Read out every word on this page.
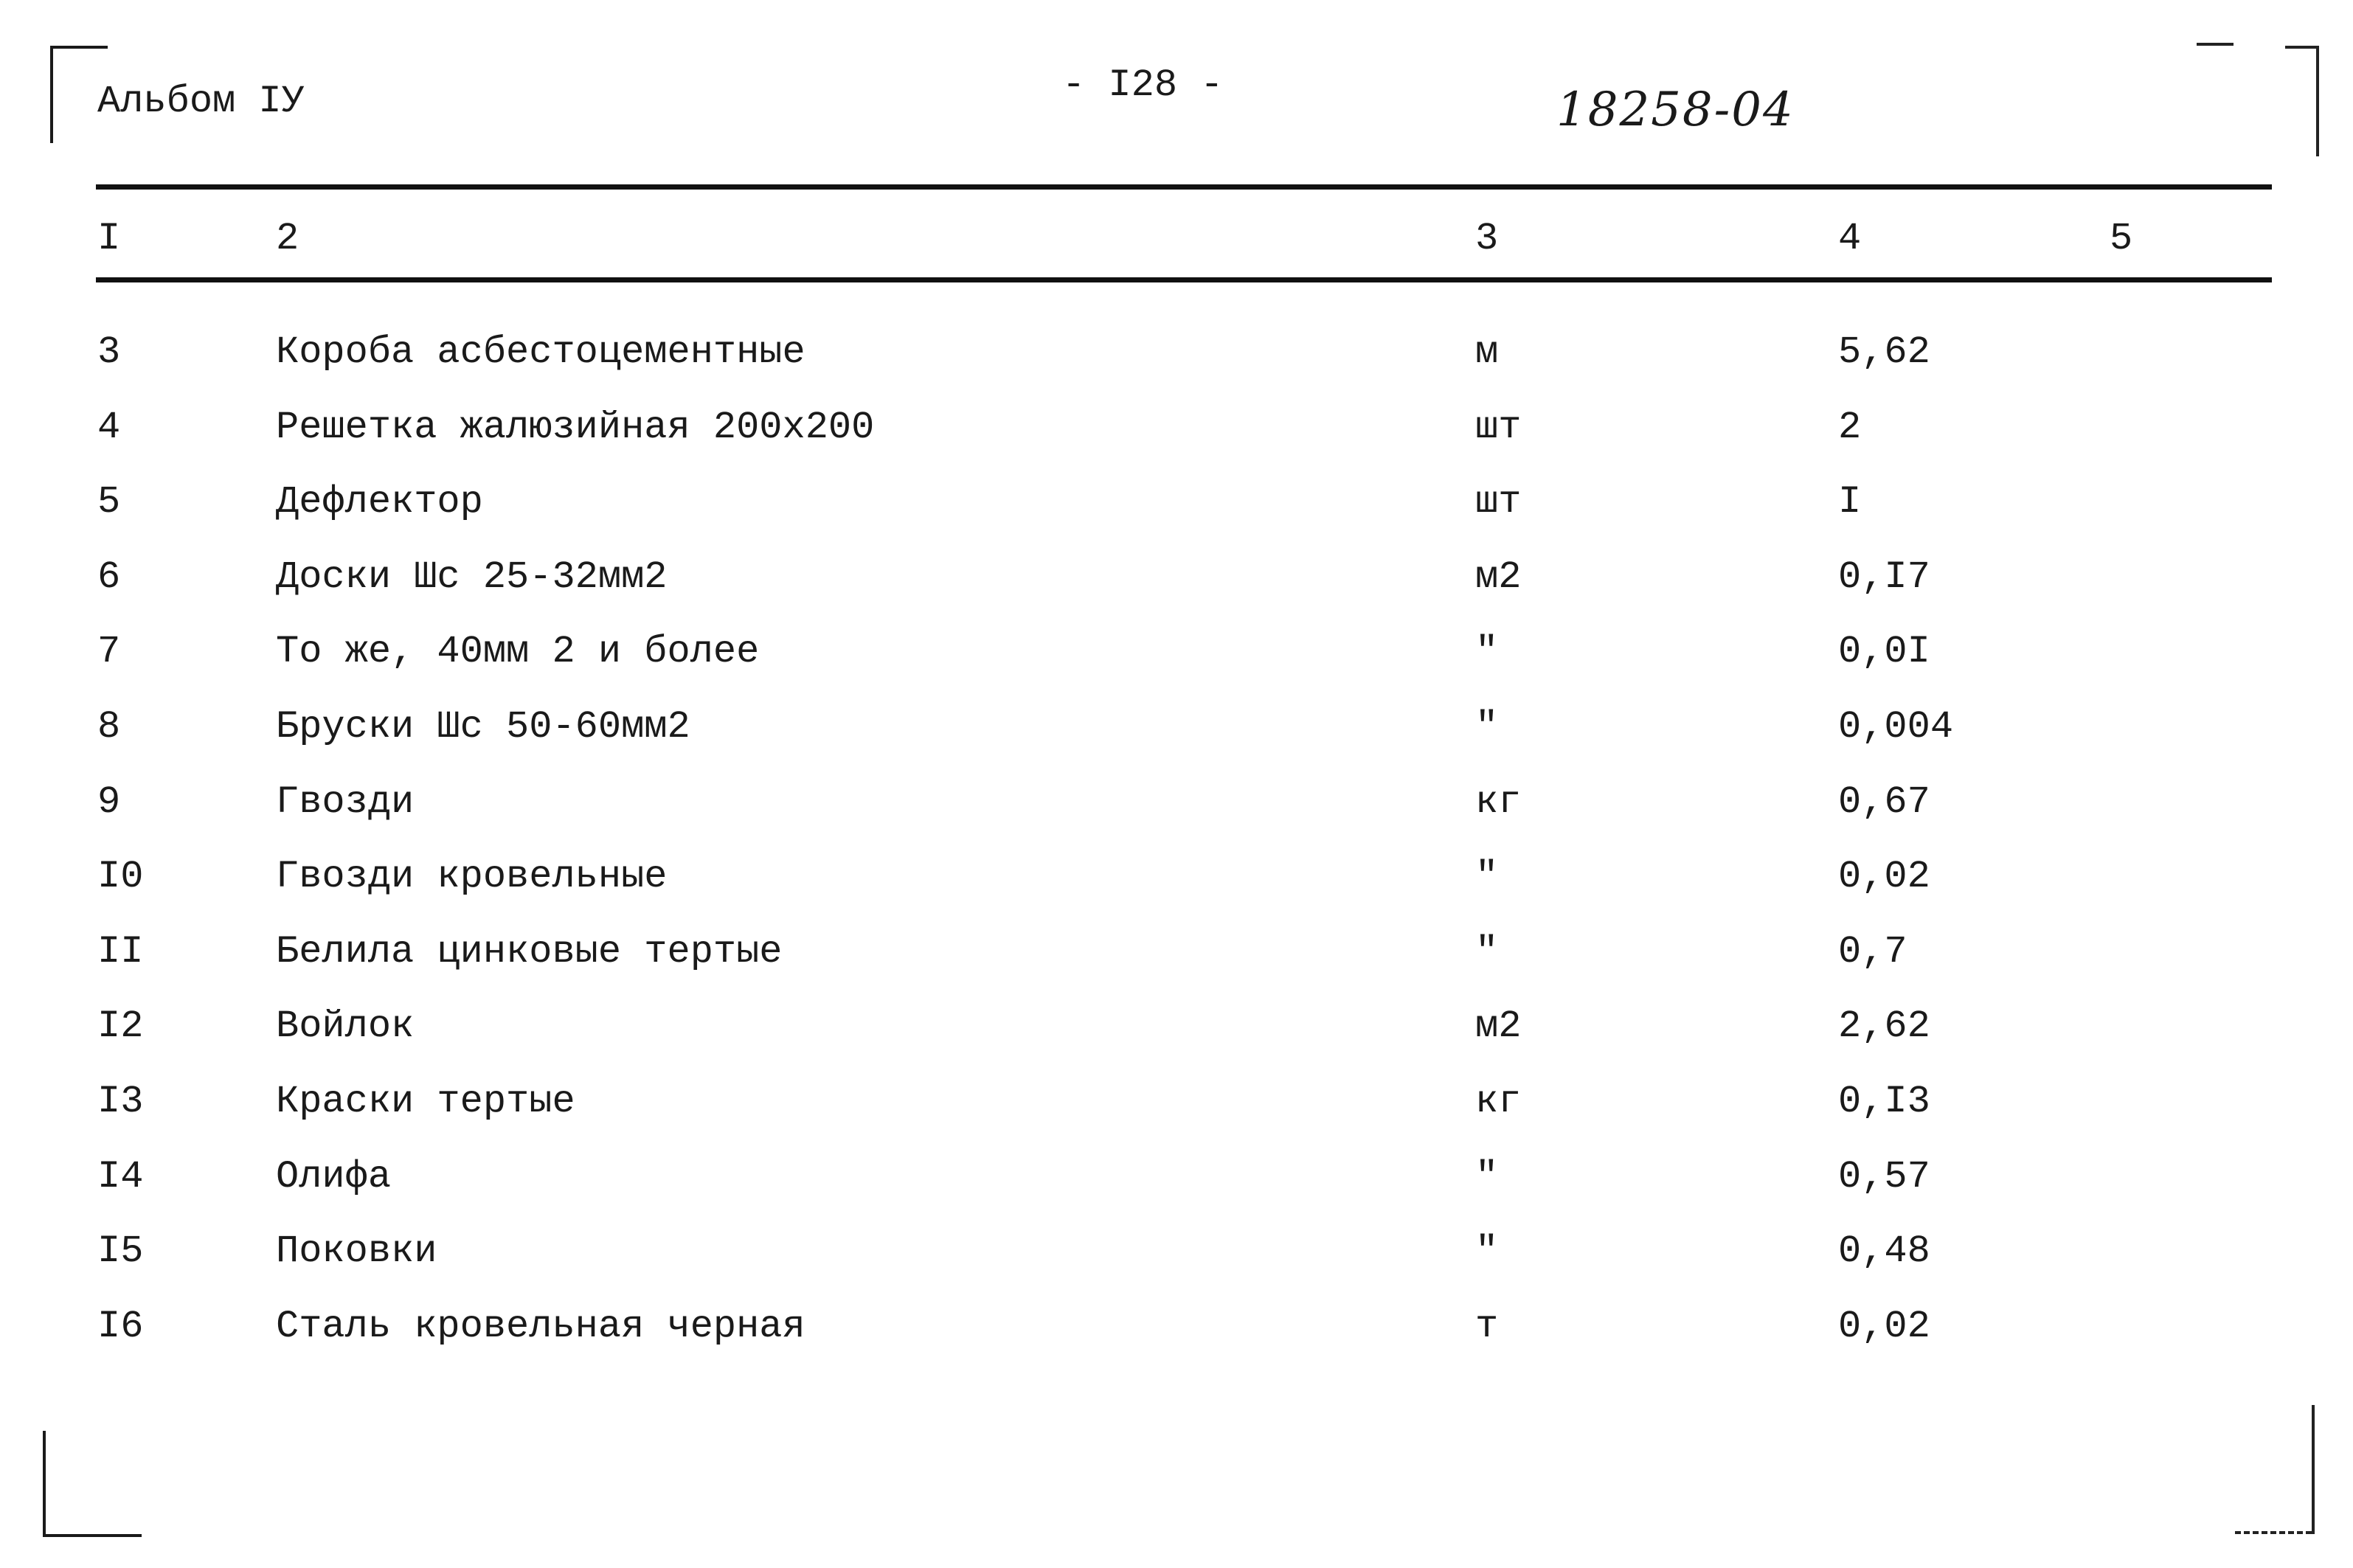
Альбом IУ	- I28 -	18258-04
I	2	3	4	5
3	Короба асбестоцементные	м	5,62
4	Решетка жалюзийная 200х200	шт	2
5	Дефлектор	шт	I
6	Доски Шс 25-32мм2	м2	0,I7
7	То же, 40мм 2 и более	"	0,0I
8	Бруски Шс 50-60мм2	"	0,004
9	Гвозди	кг	0,67
I0	Гвозди кровельные	"	0,02
II	Белила цинковые тертые	"	0,7
I2	Войлок	м2	2,62
I3	Краски тертые	кг	0,I3
I4	Олифа	"	0,57
I5	Поковки	"	0,48
I6	Сталь кровельная черная	т	0,02
